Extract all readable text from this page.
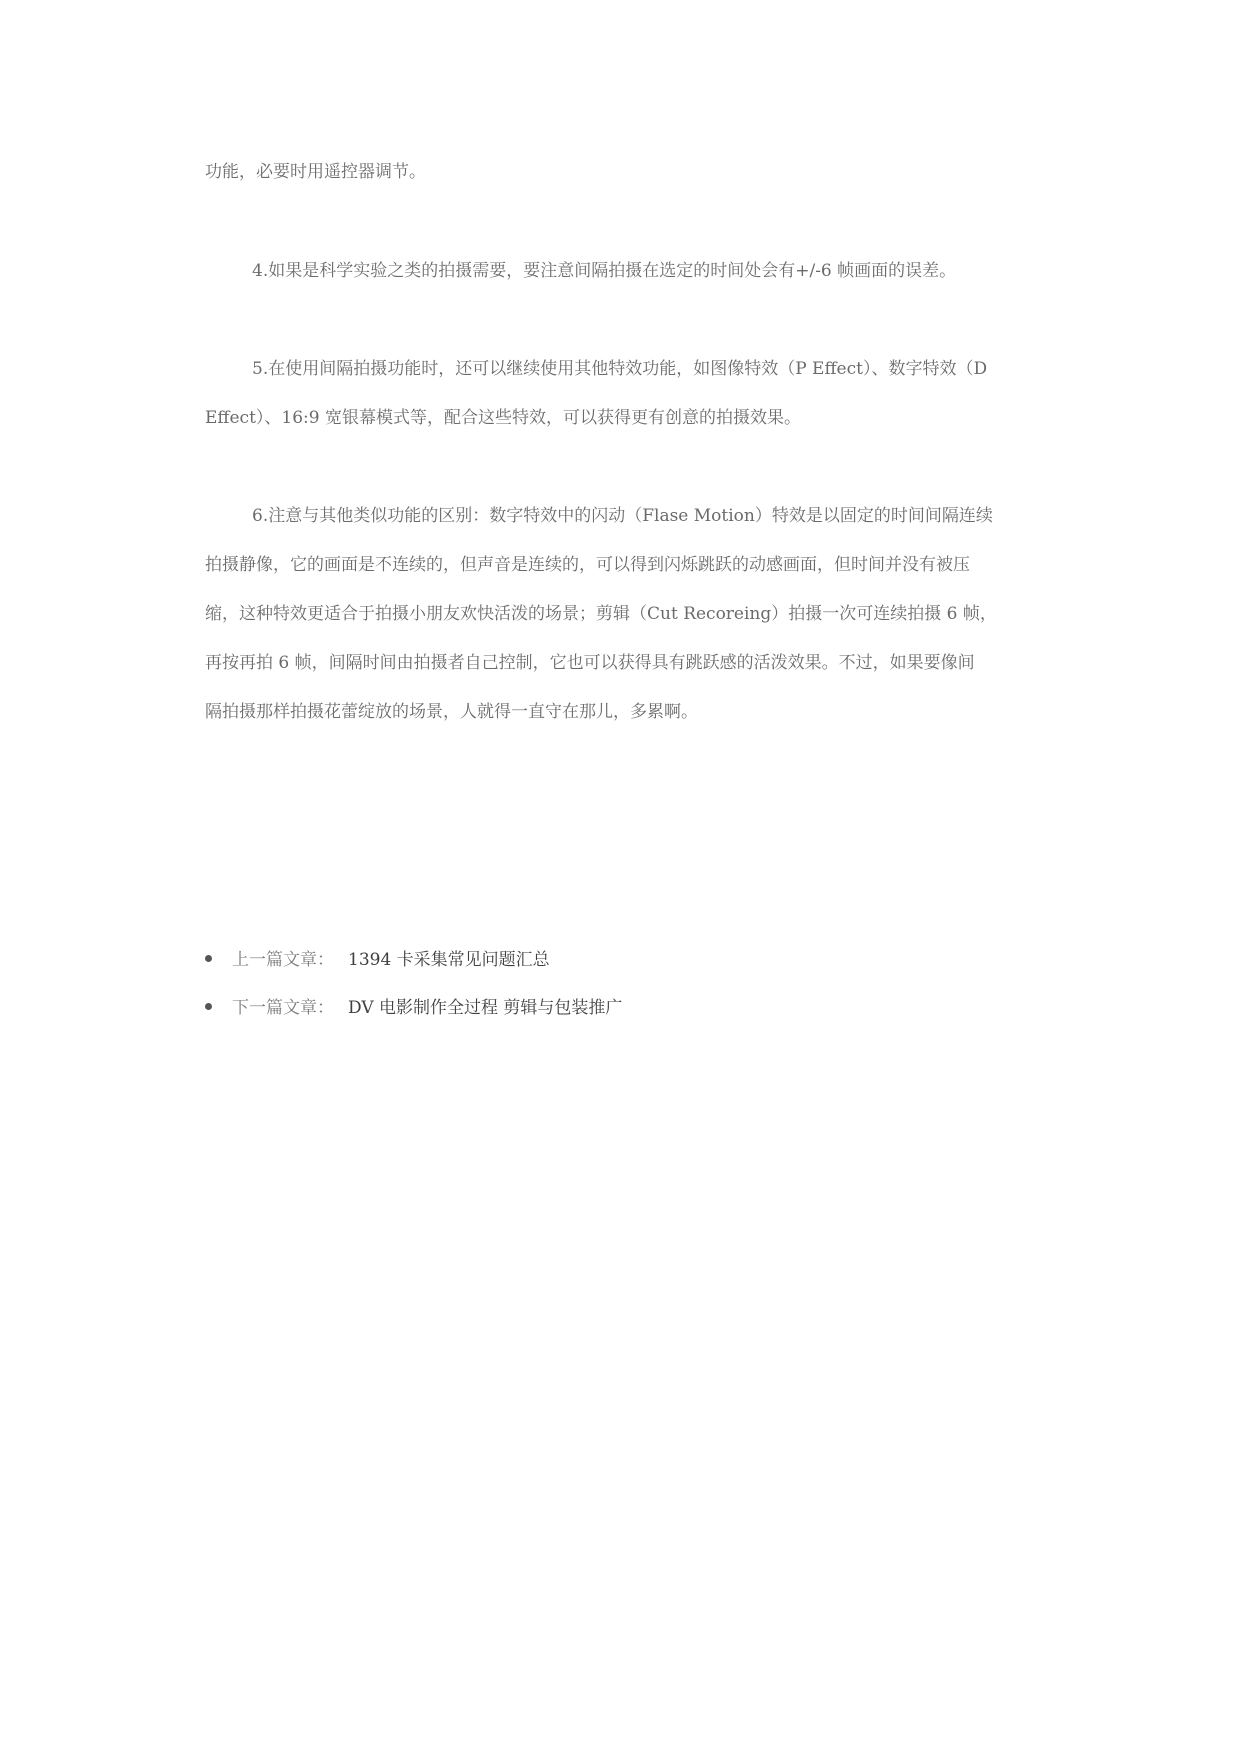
功能，必要时用遥控器调节。
4.如果是科学实验之类的拍摄需要，要注意间隔拍摄在选定的时间处会有+/-6 帧画面的误差。
5.在使用间隔拍摄功能时，还可以继续使用其他特效功能，如图像特效（P Effect）、数字特效（D
Effect）、16:9 宽银幕模式等，配合这些特效，可以获得更有创意的拍摄效果。
6.注意与其他类似功能的区别：数字特效中的闪动（Flase Motion）特效是以固定的时间间隔连续
拍摄静像，它的画面是不连续的，但声音是连续的，可以得到闪烁跳跃的动感画面，但时间并没有被压
缩，这种特效更适合于拍摄小朋友欢快活泼的场景；剪辑（Cut Recoreing）拍摄一次可连续拍摄 6 帧，
再按再拍 6 帧，间隔时间由拍摄者自己控制，它也可以获得具有跳跃感的活泼效果。不过，如果要像间
隔拍摄那样拍摄花蕾绽放的场景，人就得一直守在那儿，多累啊。
上一篇文章： 1394 卡采集常见问题汇总
下一篇文章： DV 电影制作全过程 剪辑与包装推广
